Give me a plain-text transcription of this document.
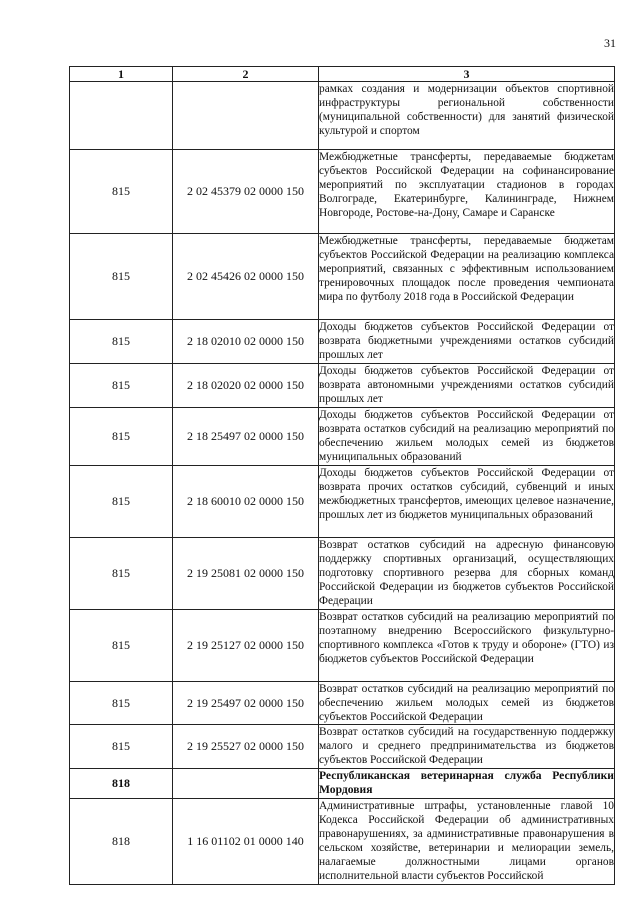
31
1	2	3
		рамках создания и модернизации объектов спортивной инфраструктуры региональной собственности (муниципальной собственности) для занятий физической культурой и спортом
815	2 02 45379 02 0000 150	Межбюджетные трансферты, передаваемые бюджетам субъектов Российской Федерации на софинансирование мероприятий по эксплуатации стадионов в городах Волгограде, Екатеринбурге, Калининграде, Нижнем Новгороде, Ростове-на-Дону, Самаре и Саранске
815	2 02 45426 02 0000 150	Межбюджетные трансферты, передаваемые бюджетам субъектов Российской Федерации на реализацию комплекса мероприятий, связанных с эффективным использованием тренировочных площадок после проведения чемпионата мира по футболу 2018 года в Российской Федерации
815	2 18 02010 02 0000 150	Доходы бюджетов субъектов Российской Федерации от возврата бюджетными учреждениями остатков субсидий прошлых лет
815	2 18 02020 02 0000 150	Доходы бюджетов субъектов Российской Федерации от возврата автономными учреждениями остатков субсидий прошлых лет
815	2 18 25497 02 0000 150	Доходы бюджетов субъектов Российской Федерации от возврата остатков субсидий на реализацию мероприятий по обеспечению жильем молодых семей из бюджетов муниципальных образований
815	2 18 60010 02 0000 150	Доходы бюджетов субъектов Российской Федерации от возврата прочих остатков субсидий, субвенций и иных межбюджетных трансфертов, имеющих целевое назначение, прошлых лет из бюджетов муниципальных образований
815	2 19 25081 02 0000 150	Возврат остатков субсидий на адресную финансовую поддержку спортивных организаций, осуществляющих подготовку спортивного резерва для сборных команд Российской Федерации из бюджетов субъектов Российской Федерации
815	2 19 25127 02 0000 150	Возврат остатков субсидий на реализацию мероприятий по поэтапному внедрению Всероссийского физкультурно-спортивного комплекса «Готов к труду и обороне» (ГТО) из бюджетов субъектов Российской Федерации
815	2 19 25497 02 0000 150	Возврат остатков субсидий на реализацию мероприятий по обеспечению жильем молодых семей из бюджетов субъектов Российской Федерации
815	2 19 25527 02 0000 150	Возврат остатков субсидий на государственную поддержку малого и среднего предпринимательства из бюджетов субъектов Российской Федерации
818		Республиканская ветеринарная служба Республики Мордовия
818	1 16 01102 01 0000 140	Административные штрафы, установленные главой 10 Кодекса Российской Федерации об административных правонарушениях, за административные правонарушения в сельском хозяйстве, ветеринарии и мелиорации земель, налагаемые должностными лицами органов исполнительной власти субъектов Российской
